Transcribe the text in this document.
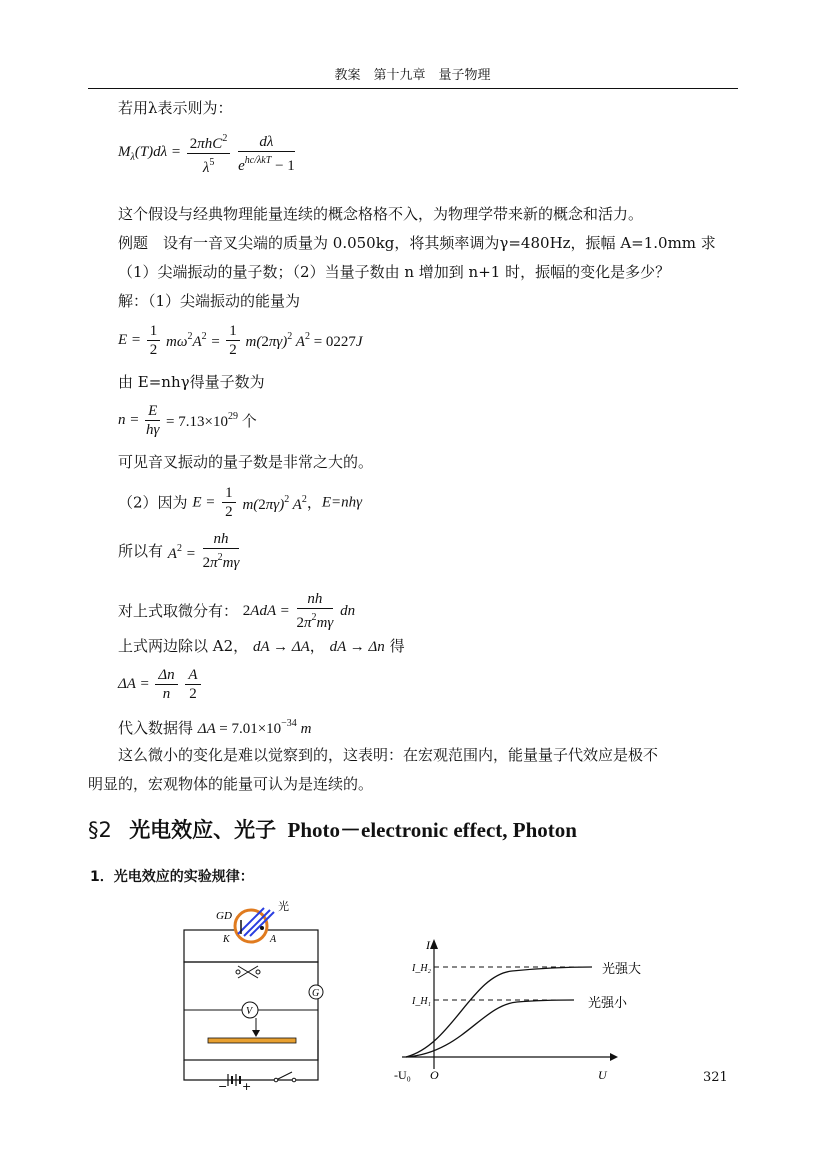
教案　第十九章　量子物理
若用λ表示则为：
$M_\lambda(T)d\lambda = \frac{2\pi hC^2}{\lambda^5}$
$\frac{d\lambda}{e^{hc/\lambda kT} - 1}$
这个假设与经典物理能量连续的概念格格不入，为物理学带来新的概念和活力。
例题　设有一音叉尖端的质量为 0.050kg，将其频率调为γ=480Hz，振幅 A=1.0mm 求
（1）尖端振动的量子数；（2）当量子数由 n 增加到 n+1 时，振幅的变化是多少？
解：（1）尖端振动的能量为
$E = \frac{1}{2} m\omega^2A^2 = \frac{1}{2} m(2\pi\gamma)^2$ $A^2 = 0227J$
由 E=nhγ得量子数为
$n = \frac{E}{h\gamma} = 7.13\times 10^{29}$ 个
可见音叉振动的量子数是非常之大的。
（2）因为 $E = \frac{1}{2} m(2\pi\gamma)^2$ $A^2$，E=nhγ
所以有 $A^2 = \frac{nh}{2\pi^2m\gamma}$
对上式取微分有： $2AdA = \frac{nh}{2\pi^2m\gamma}$ dn
上式两边除以 A2， dA → ΔA， dA → Δn 得
$\Delta A = \frac{\Delta n}{n}$
$\frac{A}{2}$
代入数据得 $\Delta A = 7.01\times 10^{-34}$ m
这么微小的变化是难以觉察到的，这表明：在宏观范围内，能量量子代效应是极不
明显的，宏观物体的能量可认为是连续的。
§2 光电效应、光子 Photo－electronic effect, Photon
1．光电效应的实验规律：
GD
光
K	A
V
G
− +
I
I_H₂
I_H₁
光强大
光强小
-U₀ O	U	321
